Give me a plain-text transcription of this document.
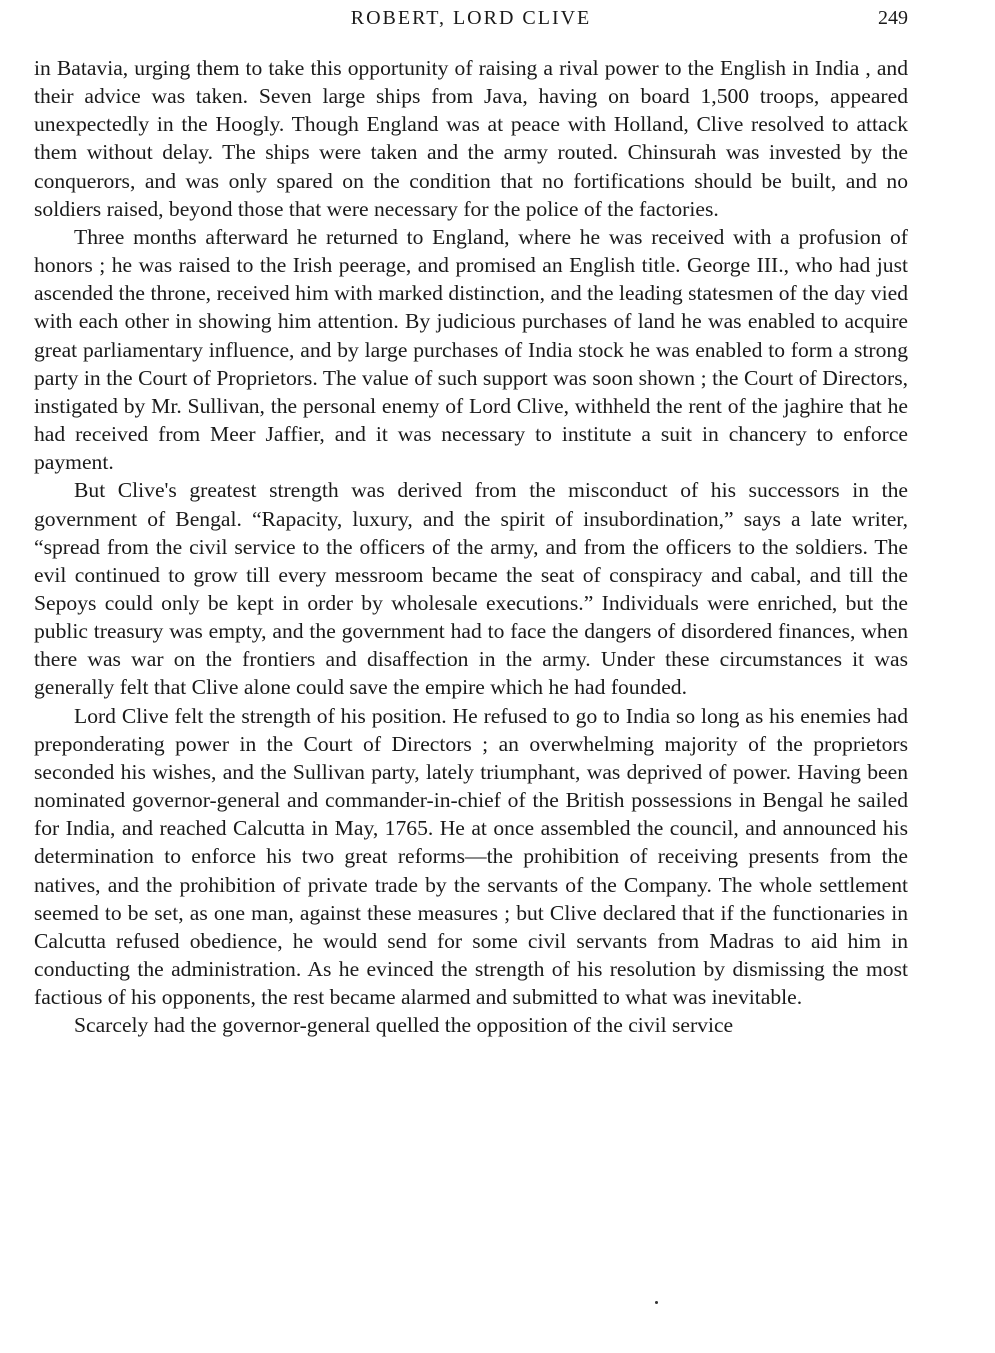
ROBERT, LORD CLIVE	249

in Batavia, urging them to take this opportunity of raising a rival power to the English in India , and their advice was taken. Seven large ships from Java, having on board 1,500 troops, appeared unexpectedly in the Hoogly. Though England was at peace with Holland, Clive resolved to attack them without delay. The ships were taken and the army routed. Chinsurah was invested by the conquerors, and was only spared on the condition that no fortifications should be built, and no soldiers raised, beyond those that were necessary for the police of the factories.

Three months afterward he returned to England, where he was received with a profusion of honors ; he was raised to the Irish peerage, and promised an English title. George III., who had just ascended the throne, received him with marked distinction, and the leading statesmen of the day vied with each other in showing him attention. By judicious purchases of land he was enabled to acquire great parliamentary influence, and by large purchases of India stock he was enabled to form a strong party in the Court of Proprietors. The value of such support was soon shown ; the Court of Directors, instigated by Mr. Sullivan, the personal enemy of Lord Clive, withheld the rent of the jaghire that he had received from Meer Jaffier, and it was necessary to institute a suit in chancery to enforce payment.

But Clive's greatest strength was derived from the misconduct of his successors in the government of Bengal. “Rapacity, luxury, and the spirit of insubordination,” says a late writer, “spread from the civil service to the officers of the army, and from the officers to the soldiers. The evil continued to grow till every messroom became the seat of conspiracy and cabal, and till the Sepoys could only be kept in order by wholesale executions.” Individuals were enriched, but the public treasury was empty, and the government had to face the dangers of disordered finances, when there was war on the frontiers and disaffection in the army. Under these circumstances it was generally felt that Clive alone could save the empire which he had founded.

Lord Clive felt the strength of his position. He refused to go to India so long as his enemies had preponderating power in the Court of Directors ; an overwhelming majority of the proprietors seconded his wishes, and the Sullivan party, lately triumphant, was deprived of power. Having been nominated governor-general and commander-in-chief of the British possessions in Bengal he sailed for India, and reached Calcutta in May, 1765. He at once assembled the council, and announced his determination to enforce his two great reforms—the prohibition of receiving presents from the natives, and the prohibition of private trade by the servants of the Company. The whole settlement seemed to be set, as one man, against these measures ; but Clive declared that if the functionaries in Calcutta refused obedience, he would send for some civil servants from Madras to aid him in conducting the administration. As he evinced the strength of his resolution by dismissing the most factious of his opponents, the rest became alarmed and submitted to what was inevitable.

Scarcely had the governor-general quelled the opposition of the civil service
